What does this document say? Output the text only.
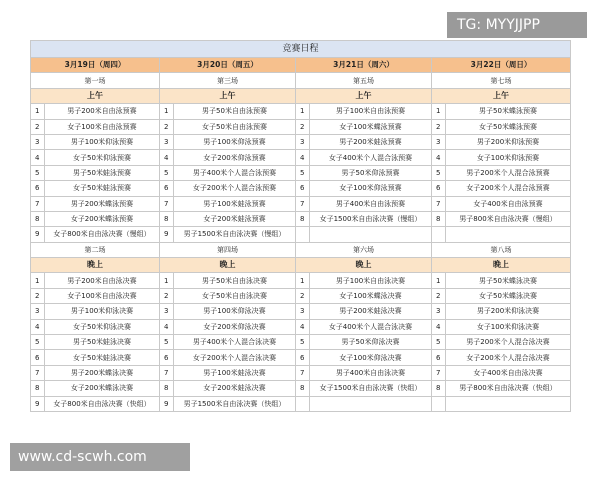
竞赛日程							
3月19日（周四）		3月20日（周五）		3月21日（周六）		3月22日（周日）	
第一场		第三场		第五场		第七场	
上午		上午		上午		上午	
1	男子200米自由泳预赛	1	男子50米自由泳预赛	1	男子100米自由泳预赛	1	男子50米蝶泳预赛
2	女子100米自由泳预赛	2	女子50米自由泳预赛	2	女子100米蝶泳预赛	2	女子50米蝶泳预赛
3	男子100米仰泳预赛	3	男子100米仰泳预赛	3	男子200米蛙泳预赛	3	男子200米仰泳预赛
4	女子50米仰泳预赛	4	女子200米仰泳预赛	4	女子400米个人混合泳预赛	4	女子100米仰泳预赛
5	男子50米蛙泳预赛	5	男子400米个人混合泳预赛	5	男子50米仰泳预赛	5	男子200米个人混合泳预赛
6	女子50米蛙泳预赛	6	女子200米个人混合泳预赛	6	女子100米仰泳预赛	6	女子200米个人混合泳预赛
7	男子200米蝶泳预赛	7	男子100米蛙泳预赛	7	男子400米自由泳预赛	7	女子400米自由泳预赛
8	女子200米蝶泳预赛	8	女子200米蛙泳预赛	8	女子1500米自由泳决赛（慢组）	8	男子800米自由泳决赛（慢组）
9	女子800米自由泳决赛（慢组）	9	男子1500米自由泳决赛（慢组）				
第二场		第四场		第六场		第八场	
晚上		晚上		晚上		晚上	
1	男子200米自由泳决赛	1	男子50米自由泳决赛	1	男子100米自由泳决赛	1	男子50米蝶泳决赛
2	女子100米自由泳决赛	2	女子50米自由泳决赛	2	女子100米蝶泳决赛	2	女子50米蝶泳决赛
3	男子100米仰泳决赛	3	男子100米仰泳决赛	3	男子200米蛙泳决赛	3	男子200米仰泳决赛
4	女子50米仰泳决赛	4	女子200米仰泳决赛	4	女子400米个人混合泳决赛	4	女子100米仰泳决赛
5	男子50米蛙泳决赛	5	男子400米个人混合泳决赛	5	男子50米仰泳决赛	5	男子200米个人混合泳决赛
6	女子50米蛙泳决赛	6	女子200米个人混合泳决赛	6	女子100米仰泳决赛	6	女子200米个人混合泳决赛
7	男子200米蝶泳决赛	7	男子100米蛙泳决赛	7	男子400米自由泳决赛	7	女子400米自由泳决赛
8	女子200米蝶泳决赛	8	女子200米蛙泳决赛	8	女子1500米自由泳决赛（快组）	8	男子800米自由泳决赛（快组）
9	女子800米自由泳决赛（快组）	9	男子1500米自由泳决赛（快组）				
TG: MYYJJPP
www.cd-scwh.com
